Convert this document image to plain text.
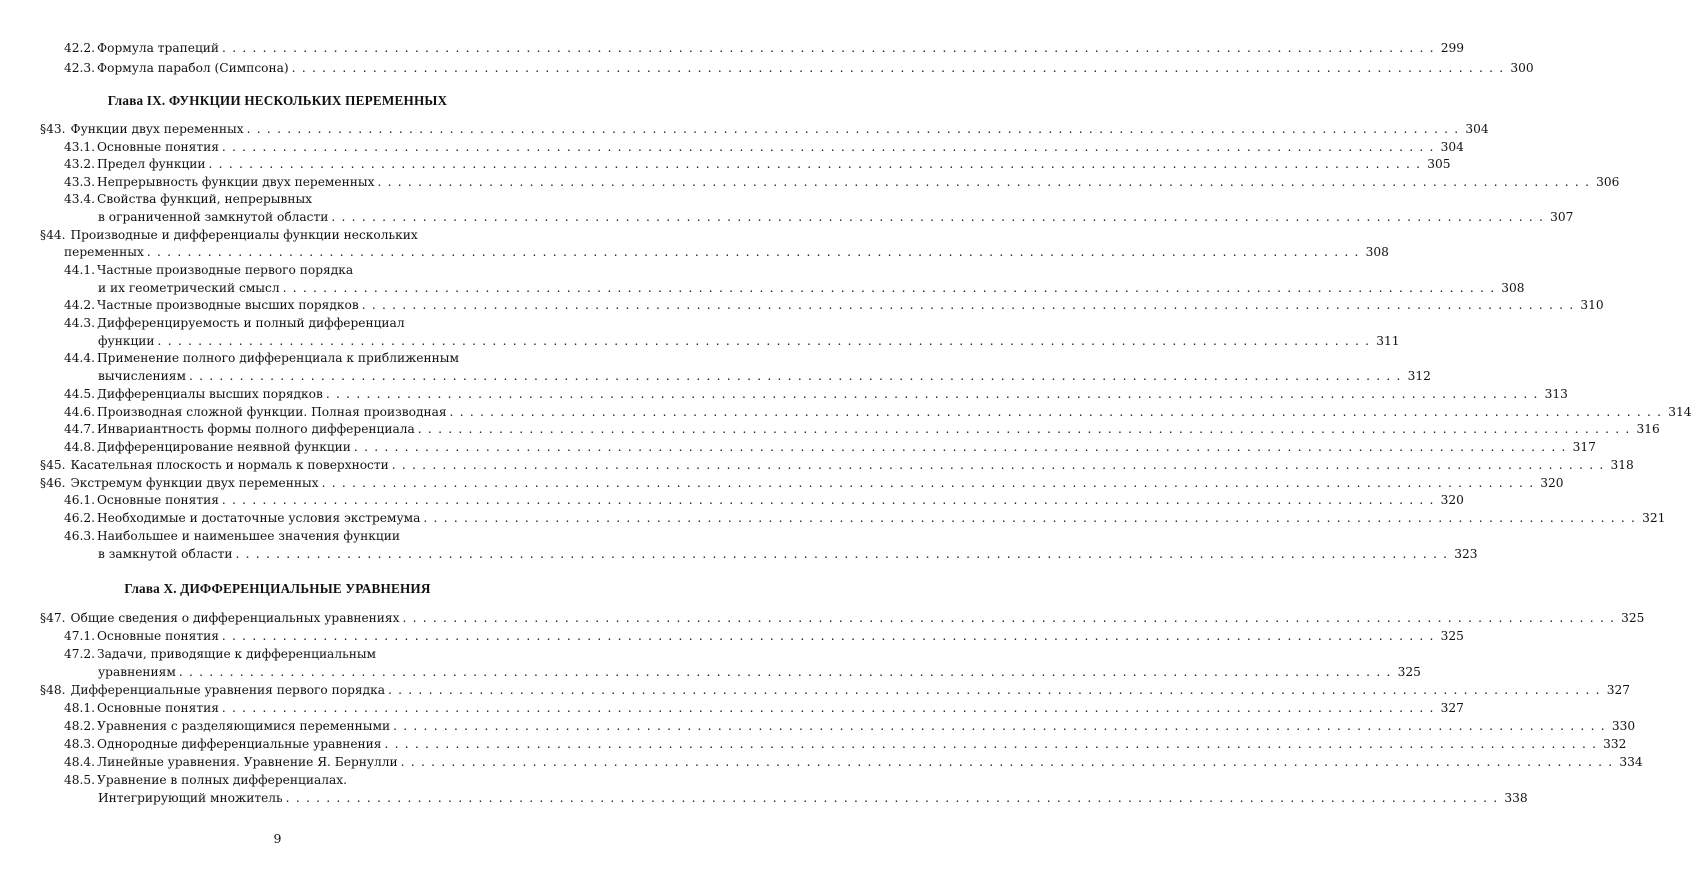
42.2. Формула трапеций . . . . . . . . . . . . . . . . . . . . . . . . . . . . . . . . . . . . . . . . . . . . . . . . . . . . . . . . . . . . . . . . . . . . . . . . . . . . . . . . . . . . . . . . . . . . . . . . . . . . . . . . . . . . . . . . . . . . . . . . 299
42.3. Формула парабол (Симпсона) . . . . . . . . . . . . . . . . . . . . . . . . . . . . . . . . . . . . . . . . . . . . . . . . . . . . . . . . . . . . . . . . . . . . . . . . . . . . . . . . . . . . . . . . . . . . . . . . . . . . . . . . . . . . . . . . . . . . . . . . 300
Глава IX. ФУНКЦИИ НЕСКОЛЬКИХ ПЕРЕМЕННЫХ
§43. Функции двух переменных . . . . . . . . . . . . . . . . . . . . . . . . . . . . . . . . . . . . . . . . . . . . . . . . . . . . . . . . . . . . . . . . . . . . . . . . . . . . . . . . . . . . . . . . . . . . . . . . . . . . . . . . . . . . . . . . . . . . . . . . 304
43.1. Основные понятия . . . . . . . . . . . . . . . . . . . . . . . . . . . . . . . . . . . . . . . . . . . . . . . . . . . . . . . . . . . . . . . . . . . . . . . . . . . . . . . . . . . . . . . . . . . . . . . . . . . . . . . . . . . . . . . . . . . . . . . . 304
43.2. Предел функции . . . . . . . . . . . . . . . . . . . . . . . . . . . . . . . . . . . . . . . . . . . . . . . . . . . . . . . . . . . . . . . . . . . . . . . . . . . . . . . . . . . . . . . . . . . . . . . . . . . . . . . . . . . . . . . . . . . . . . . . 305
43.3. Непрерывность функции двух переменных . . . . . . . . . . . . . . . . . . . . . . . . . . . . . . . . . . . . . . . . . . . . . . . . . . . . . . . . . . . . . . . . . . . . . . . . . . . . . . . . . . . . . . . . . . . . . . . . . . . . . . . . . . . . . . . . . . . . . . . . 306
43.4. Свойства функций, непрерывных
в ограниченной замкнутой области . . . . . . . . . . . . . . . . . . . . . . . . . . . . . . . . . . . . . . . . . . . . . . . . . . . . . . . . . . . . . . . . . . . . . . . . . . . . . . . . . . . . . . . . . . . . . . . . . . . . . . . . . . . . . . . . . . . . . . . . 307
§44. Производные и дифференциалы функции нескольких
переменных . . . . . . . . . . . . . . . . . . . . . . . . . . . . . . . . . . . . . . . . . . . . . . . . . . . . . . . . . . . . . . . . . . . . . . . . . . . . . . . . . . . . . . . . . . . . . . . . . . . . . . . . . . . . . . . . . . . . . . . . 308
44.1. Частные производные первого порядка
и их геометрический смысл . . . . . . . . . . . . . . . . . . . . . . . . . . . . . . . . . . . . . . . . . . . . . . . . . . . . . . . . . . . . . . . . . . . . . . . . . . . . . . . . . . . . . . . . . . . . . . . . . . . . . . . . . . . . . . . . . . . . . . . . 308
44.2. Частные производные высших порядков . . . . . . . . . . . . . . . . . . . . . . . . . . . . . . . . . . . . . . . . . . . . . . . . . . . . . . . . . . . . . . . . . . . . . . . . . . . . . . . . . . . . . . . . . . . . . . . . . . . . . . . . . . . . . . . . . . . . . . . . 310
44.3. Дифференцируемость и полный дифференциал
функции . . . . . . . . . . . . . . . . . . . . . . . . . . . . . . . . . . . . . . . . . . . . . . . . . . . . . . . . . . . . . . . . . . . . . . . . . . . . . . . . . . . . . . . . . . . . . . . . . . . . . . . . . . . . . . . . . . . . . . . . 311
44.4. Применение полного дифференциала к приближенным
вычислениям . . . . . . . . . . . . . . . . . . . . . . . . . . . . . . . . . . . . . . . . . . . . . . . . . . . . . . . . . . . . . . . . . . . . . . . . . . . . . . . . . . . . . . . . . . . . . . . . . . . . . . . . . . . . . . . . . . . . . . . . 312
44.5. Дифференциалы высших порядков . . . . . . . . . . . . . . . . . . . . . . . . . . . . . . . . . . . . . . . . . . . . . . . . . . . . . . . . . . . . . . . . . . . . . . . . . . . . . . . . . . . . . . . . . . . . . . . . . . . . . . . . . . . . . . . . . . . . . . . . 313
44.6. Производная сложной функции. Полная производная . . . . . . . . . . . . . . . . . . . . . . . . . . . . . . . . . . . . . . . . . . . . . . . . . . . . . . . . . . . . . . . . . . . . . . . . . . . . . . . . . . . . . . . . . . . . . . . . . . . . . . . . . . . . . . . . . . . . . . . . 314
44.7. Инвариантность формы полного дифференциала . . . . . . . . . . . . . . . . . . . . . . . . . . . . . . . . . . . . . . . . . . . . . . . . . . . . . . . . . . . . . . . . . . . . . . . . . . . . . . . . . . . . . . . . . . . . . . . . . . . . . . . . . . . . . . . . . . . . . . . . 316
44.8. Дифференцирование неявной функции . . . . . . . . . . . . . . . . . . . . . . . . . . . . . . . . . . . . . . . . . . . . . . . . . . . . . . . . . . . . . . . . . . . . . . . . . . . . . . . . . . . . . . . . . . . . . . . . . . . . . . . . . . . . . . . . . . . . . . . . 317
§45. Касательная плоскость и нормаль к поверхности . . . . . . . . . . . . . . . . . . . . . . . . . . . . . . . . . . . . . . . . . . . . . . . . . . . . . . . . . . . . . . . . . . . . . . . . . . . . . . . . . . . . . . . . . . . . . . . . . . . . . . . . . . . . . . . . . . . . . . . . 318
§46. Экстремум функции двух переменных . . . . . . . . . . . . . . . . . . . . . . . . . . . . . . . . . . . . . . . . . . . . . . . . . . . . . . . . . . . . . . . . . . . . . . . . . . . . . . . . . . . . . . . . . . . . . . . . . . . . . . . . . . . . . . . . . . . . . . . . 320
46.1. Основные понятия . . . . . . . . . . . . . . . . . . . . . . . . . . . . . . . . . . . . . . . . . . . . . . . . . . . . . . . . . . . . . . . . . . . . . . . . . . . . . . . . . . . . . . . . . . . . . . . . . . . . . . . . . . . . . . . . . . . . . . . . 320
46.2. Необходимые и достаточные условия экстремума . . . . . . . . . . . . . . . . . . . . . . . . . . . . . . . . . . . . . . . . . . . . . . . . . . . . . . . . . . . . . . . . . . . . . . . . . . . . . . . . . . . . . . . . . . . . . . . . . . . . . . . . . . . . . . . . . . . . . . . . 321
46.3. Наибольшее и наименьшее значения функции
в замкнутой области . . . . . . . . . . . . . . . . . . . . . . . . . . . . . . . . . . . . . . . . . . . . . . . . . . . . . . . . . . . . . . . . . . . . . . . . . . . . . . . . . . . . . . . . . . . . . . . . . . . . . . . . . . . . . . . . . . . . . . . . 323
Глава X. ДИФФЕРЕНЦИАЛЬНЫЕ УРАВНЕНИЯ
§47. Общие сведения о дифференциальных уравнениях . . . . . . . . . . . . . . . . . . . . . . . . . . . . . . . . . . . . . . . . . . . . . . . . . . . . . . . . . . . . . . . . . . . . . . . . . . . . . . . . . . . . . . . . . . . . . . . . . . . . . . . . . . . . . . . . . . . . . . . . 325
47.1. Основные понятия . . . . . . . . . . . . . . . . . . . . . . . . . . . . . . . . . . . . . . . . . . . . . . . . . . . . . . . . . . . . . . . . . . . . . . . . . . . . . . . . . . . . . . . . . . . . . . . . . . . . . . . . . . . . . . . . . . . . . . . . 325
47.2. Задачи, приводящие к дифференциальным
уравнениям . . . . . . . . . . . . . . . . . . . . . . . . . . . . . . . . . . . . . . . . . . . . . . . . . . . . . . . . . . . . . . . . . . . . . . . . . . . . . . . . . . . . . . . . . . . . . . . . . . . . . . . . . . . . . . . . . . . . . . . . 325
§48. Дифференциальные уравнения первого порядка . . . . . . . . . . . . . . . . . . . . . . . . . . . . . . . . . . . . . . . . . . . . . . . . . . . . . . . . . . . . . . . . . . . . . . . . . . . . . . . . . . . . . . . . . . . . . . . . . . . . . . . . . . . . . . . . . . . . . . . . 327
48.1. Основные понятия . . . . . . . . . . . . . . . . . . . . . . . . . . . . . . . . . . . . . . . . . . . . . . . . . . . . . . . . . . . . . . . . . . . . . . . . . . . . . . . . . . . . . . . . . . . . . . . . . . . . . . . . . . . . . . . . . . . . . . . . 327
48.2. Уравнения с разделяющимися переменными . . . . . . . . . . . . . . . . . . . . . . . . . . . . . . . . . . . . . . . . . . . . . . . . . . . . . . . . . . . . . . . . . . . . . . . . . . . . . . . . . . . . . . . . . . . . . . . . . . . . . . . . . . . . . . . . . . . . . . . . 330
48.3. Однородные дифференциальные уравнения . . . . . . . . . . . . . . . . . . . . . . . . . . . . . . . . . . . . . . . . . . . . . . . . . . . . . . . . . . . . . . . . . . . . . . . . . . . . . . . . . . . . . . . . . . . . . . . . . . . . . . . . . . . . . . . . . . . . . . . . 332
48.4. Линейные уравнения. Уравнение Я. Бернулли . . . . . . . . . . . . . . . . . . . . . . . . . . . . . . . . . . . . . . . . . . . . . . . . . . . . . . . . . . . . . . . . . . . . . . . . . . . . . . . . . . . . . . . . . . . . . . . . . . . . . . . . . . . . . . . . . . . . . . . . 334
48.5. Уравнение в полных дифференциалах.
Интегрирующий множитель . . . . . . . . . . . . . . . . . . . . . . . . . . . . . . . . . . . . . . . . . . . . . . . . . . . . . . . . . . . . . . . . . . . . . . . . . . . . . . . . . . . . . . . . . . . . . . . . . . . . . . . . . . . . . . . . . . . . . . . . 338
9
